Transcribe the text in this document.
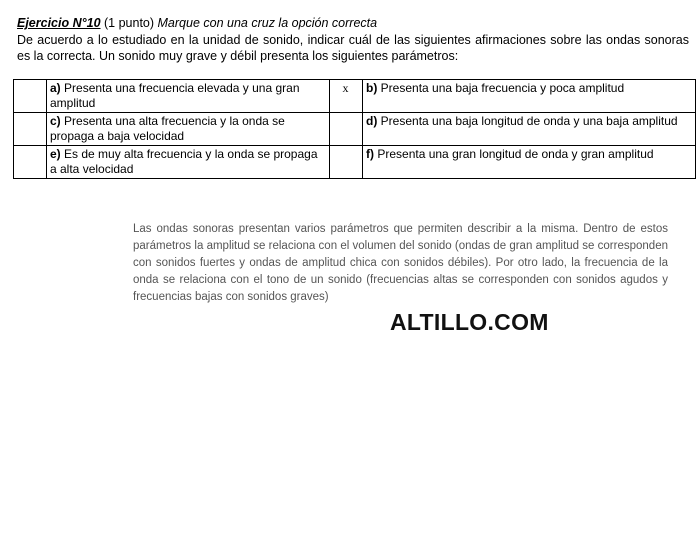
Ejercicio N°10 (1 punto) Marque con una cruz la opción correcta

De acuerdo a lo estudiado en la unidad de sonido, indicar cuál de las siguientes afirmaciones sobre las ondas sonoras es la correcta. Un sonido muy grave y débil presenta los siguientes parámetros:

	a) Presenta una frecuencia elevada y una gran amplitud	x	b) Presenta una baja frecuencia y poca amplitud
	c) Presenta una alta frecuencia y la onda se propaga a baja velocidad		d) Presenta una baja longitud de onda y una baja amplitud
	e) Es de muy alta frecuencia y la onda se propaga a alta velocidad		f) Presenta una gran longitud de onda y gran amplitud

Las ondas sonoras presentan varios parámetros que permiten describir a la misma. Dentro de estos parámetros la amplitud se relaciona con el volumen del sonido (ondas de gran amplitud se corresponden con sonidos fuertes y ondas de amplitud chica con sonidos débiles). Por otro lado, la frecuencia de la onda se relaciona con el tono de un sonido (frecuencias altas se corresponden con sonidos agudos y frecuencias bajas con sonidos graves)

ALTILLO.COM
